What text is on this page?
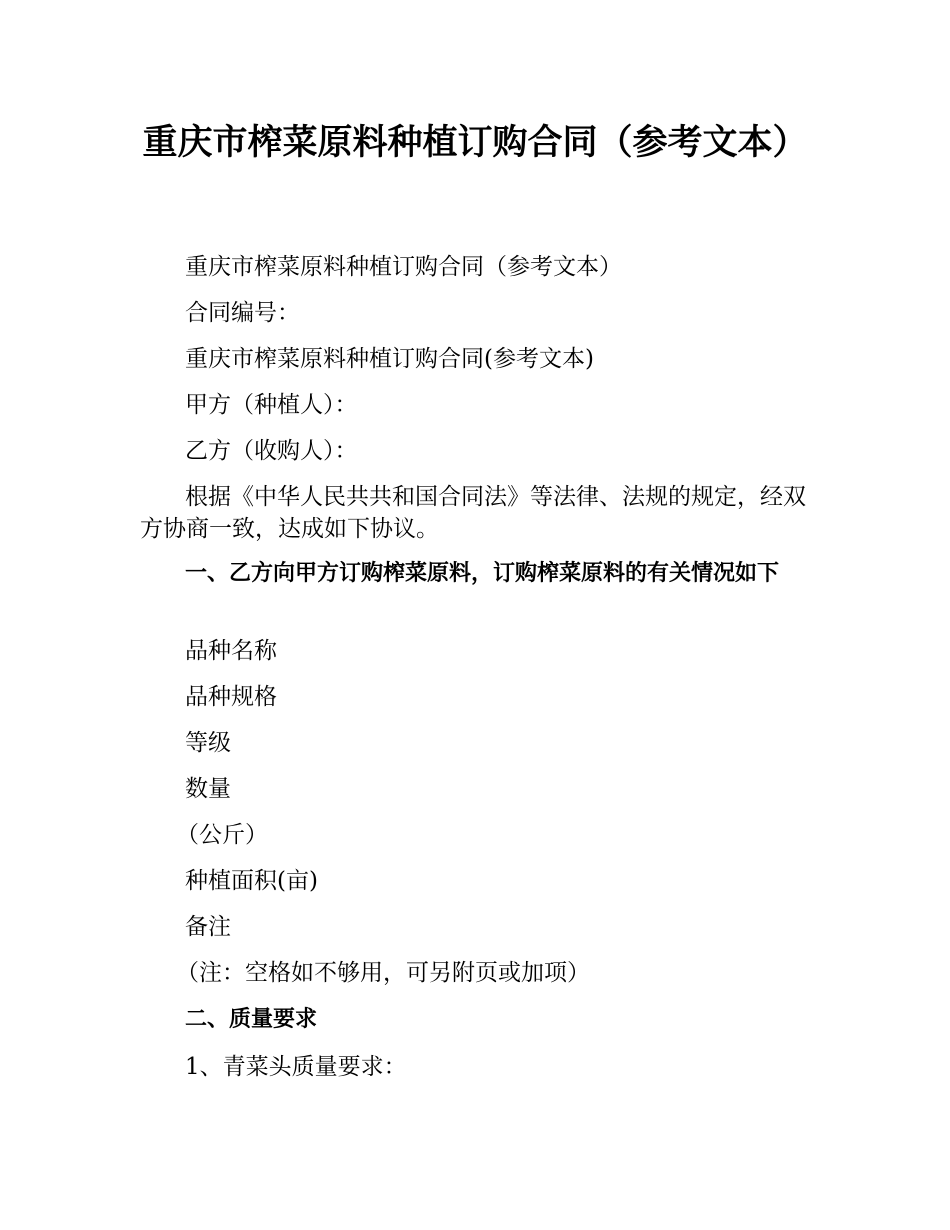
重庆市榨菜原料种植订购合同（参考文本）

重庆市榨菜原料种植订购合同（参考文本）

合同编号：

重庆市榨菜原料种植订购合同(参考文本)

甲方（种植人）：

乙方（收购人）：

根据《中华人民共共和国合同法》等法律、法规的规定，经双方协商一致，达成如下协议。

一、乙方向甲方订购榨菜原料，订购榨菜原料的有关情况如下

品种名称

品种规格

等级

数量

（公斤）

种植面积(亩)

备注

（注：空格如不够用，可另附页或加项）

二、质量要求

1、青菜头质量要求：
